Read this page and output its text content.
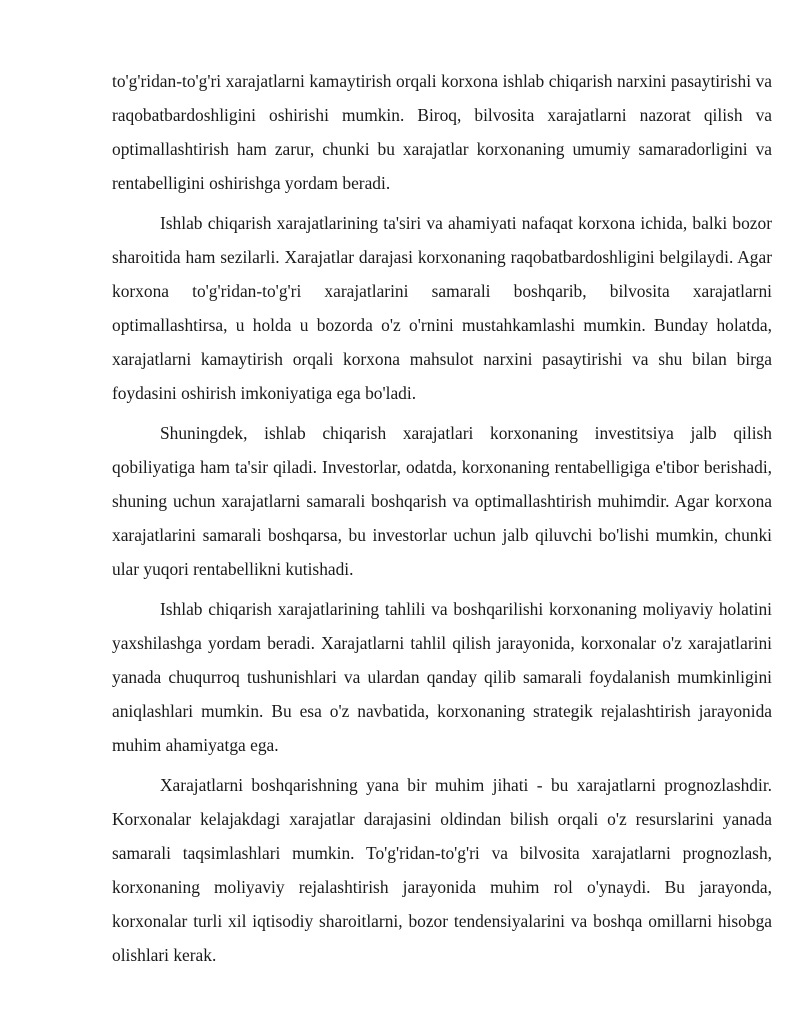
to'g'ridan-to'g'ri xarajatlarni kamaytirish orqali korxona ishlab chiqarish narxini pasaytirishi va raqobatbardoshligini oshirishi mumkin. Biroq, bilvosita xarajatlarni nazorat qilish va optimallashtirish ham zarur, chunki bu xarajatlar korxonaning umumiy samaradorligini va rentabelligini oshirishga yordam beradi.

Ishlab chiqarish xarajatlarining ta'siri va ahamiyati nafaqat korxona ichida, balki bozor sharoitida ham sezilarli. Xarajatlar darajasi korxonaning raqobatbardoshligini belgilaydi. Agar korxona to'g'ridan-to'g'ri xarajatlarini samarali boshqarib, bilvosita xarajatlarni optimallashtirsa, u holda u bozorda o'z o'rnini mustahkamlashi mumkin. Bunday holatda, xarajatlarni kamaytirish orqali korxona mahsulot narxini pasaytirishi va shu bilan birga foydasini oshirish imkoniyatiga ega bo'ladi.

Shuningdek, ishlab chiqarish xarajatlari korxonaning investitsiya jalb qilish qobiliyatiga ham ta'sir qiladi. Investorlar, odatda, korxonaning rentabelligiga e'tibor berishadi, shuning uchun xarajatlarni samarali boshqarish va optimallashtirish muhimdir. Agar korxona xarajatlarini samarali boshqarsa, bu investorlar uchun jalb qiluvchi bo'lishi mumkin, chunki ular yuqori rentabellikni kutishadi.

Ishlab chiqarish xarajatlarining tahlili va boshqarilishi korxonaning moliyaviy holatini yaxshilashga yordam beradi. Xarajatlarni tahlil qilish jarayonida, korxonalar o'z xarajatlarini yanada chuqurroq tushunishlari va ulardan qanday qilib samarali foydalanish mumkinligini aniqlashlari mumkin. Bu esa o'z navbatida, korxonaning strategik rejalashtirish jarayonida muhim ahamiyatga ega.

Xarajatlarni boshqarishning yana bir muhim jihati - bu xarajatlarni prognozlashdir. Korxonalar kelajakdagi xarajatlar darajasini oldindan bilish orqali o'z resurslarini yanada samarali taqsimlashlari mumkin. To'g'ridan-to'g'ri va bilvosita xarajatlarni prognozlash, korxonaning moliyaviy rejalashtirish jarayonida muhim rol o'ynaydi. Bu jarayonda, korxonalar turli xil iqtisodiy sharoitlarni, bozor tendensiyalarini va boshqa omillarni hisobga olishlari kerak.
